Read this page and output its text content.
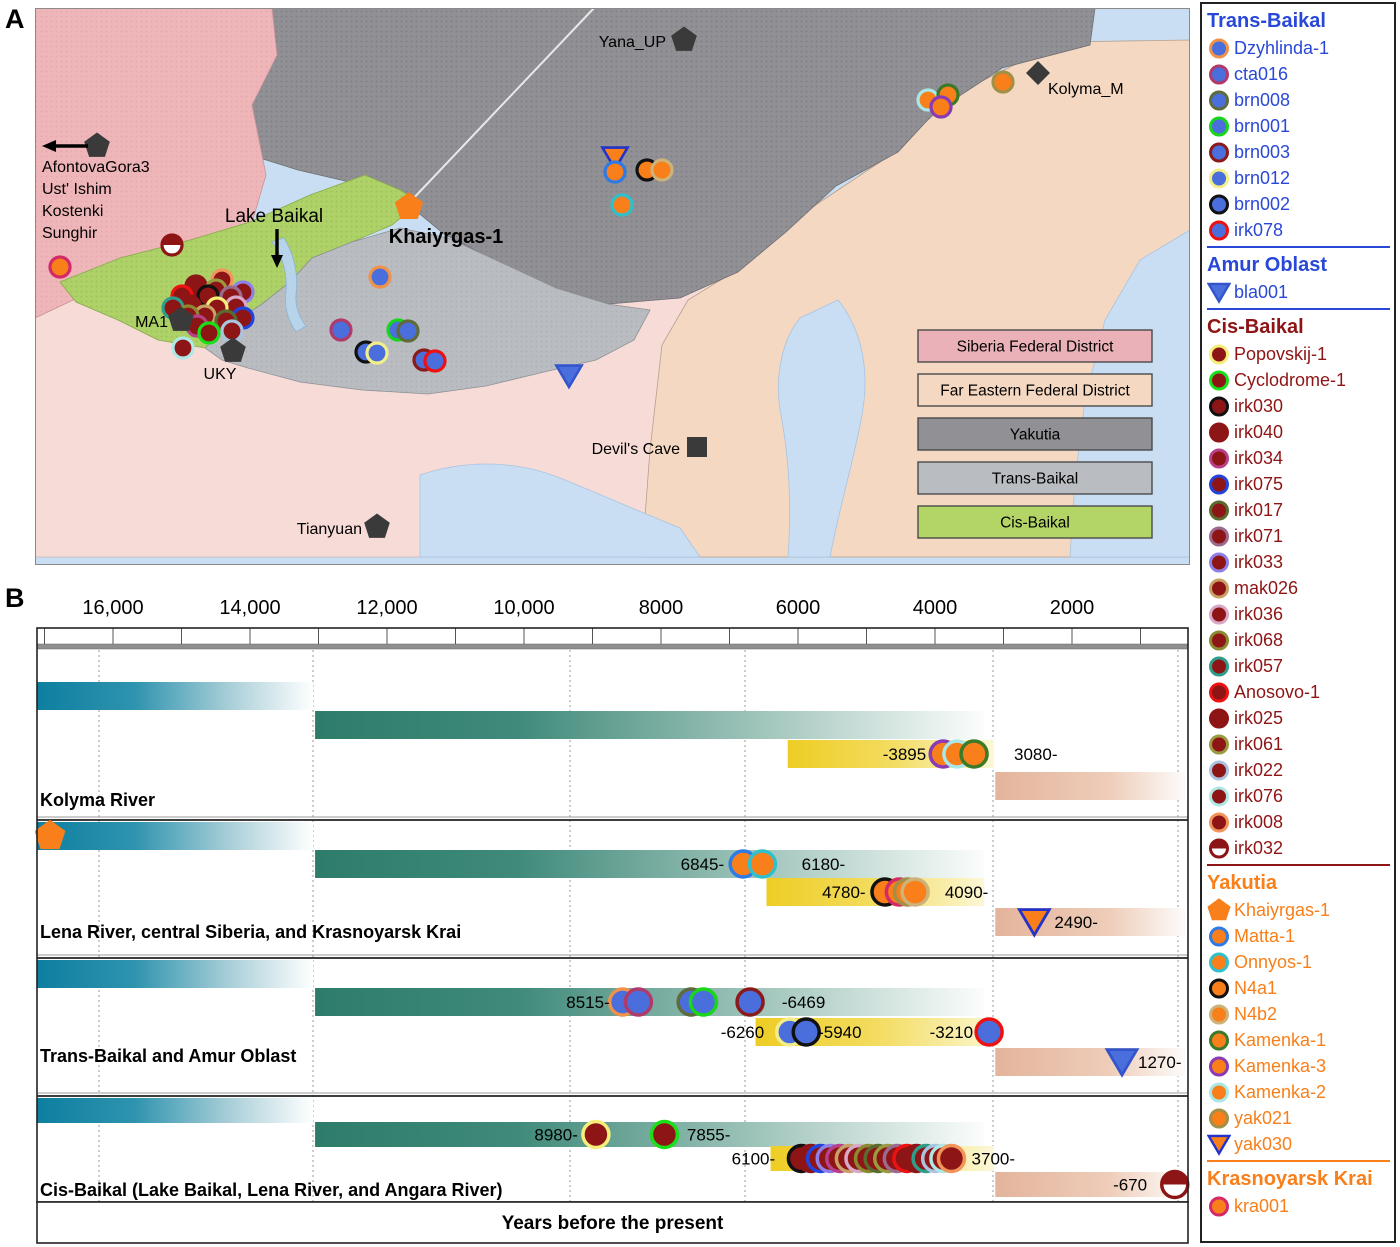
A
B
Siberia Federal District
Far Eastern Federal District
Yakutia
Trans-Baikal
Cis-Baikal
Yana_UP
Kolyma_M
MA1
UKY
Devil's Cave
Tianyuan
AfontovaGora3
Ust' Ishim
Kostenki
Sunghir
Lake Baikal
Khaiyrgas-1
16,000	14,000	12,000	10,000	8000	6000	4000	2000
-3895	3080-
Kolyma River
6845-	6180-
4780-	4090-
2490-
Lena River, central Siberia, and Krasnoyarsk Krai
8515-	-6469
-6260	-5940	-3210
1270-
Trans-Baikal and Amur Oblast
8980-	7855-
6100-	3700-
-670
Cis-Baikal (Lake Baikal, Lena River, and Angara River)
Years before the present
Trans-Baikal
Dzyhlinda-1
cta016
brn008
brn001
brn003
brn012
brn002
irk078
Amur Oblast
bla001
Cis-Baikal
Popovskij-1
Cyclodrome-1
irk030
irk040
irk034
irk075
irk017
irk071
irk033
mak026
irk036
irk068
irk057
Anosovo-1
irk025
irk061
irk022
irk076
irk008
irk032
Yakutia
Khaiyrgas-1
Matta-1
Onnyos-1
N4a1
N4b2
Kamenka-1
Kamenka-3
Kamenka-2
yak021
yak030
Krasnoyarsk Krai
kra001
